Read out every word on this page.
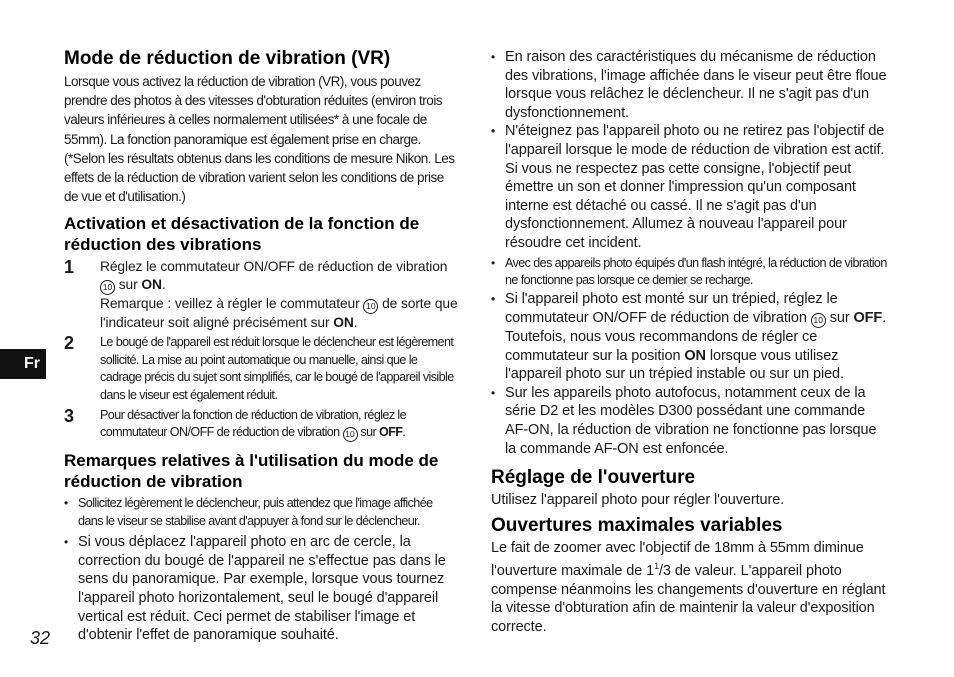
Mode de réduction de vibration (VR)

Lorsque vous activez la réduction de vibration (VR), vous pouvez prendre des photos à des vitesses d'obturation réduites (environ trois valeurs inférieures à celles normalement utilisées* à une focale de 55mm). La fonction panoramique est également prise en charge. (*Selon les résultats obtenus dans les conditions de mesure Nikon. Les effets de la réduction de vibration varient selon les conditions de prise de vue et d'utilisation.)

Activation et désactivation de la fonction de réduction des vibrations
1	Réglez le commutateur ON/OFF de réduction de vibration 10 sur ON.
Remarque : veillez à régler le commutateur 10 de sorte que l'indicateur soit aligné précisément sur ON.
2	Le bougé de l'appareil est réduit lorsque le déclencheur est légèrement sollicité. La mise au point automatique ou manuelle, ainsi que le cadrage précis du sujet sont simplifiés, car le bougé de l'appareil visible dans le viseur est également réduit.
3	Pour désactiver la fonction de réduction de vibration, réglez le commutateur ON/OFF de réduction de vibration 10 sur OFF.
Remarques relatives à l'utilisation du mode de réduction de vibration
• Sollicitez légèrement le déclencheur, puis attendez que l'image affichée dans le viseur se stabilise avant d'appuyer à fond sur le déclencheur.
• Si vous déplacez l'appareil photo en arc de cercle, la correction du bougé de l'appareil ne s'effectue pas dans le sens du panoramique. Par exemple, lorsque vous tournez l'appareil photo horizontalement, seul le bougé d'appareil vertical est réduit. Ceci permet de stabiliser l'image et d'obtenir l'effet de panoramique souhaité.
• En raison des caractéristiques du mécanisme de réduction des vibrations, l'image affichée dans le viseur peut être floue lorsque vous relâchez le déclencheur. Il ne s'agit pas d'un dysfonctionnement.
• N'éteignez pas l'appareil photo ou ne retirez pas l'objectif de l'appareil lorsque le mode de réduction de vibration est actif. Si vous ne respectez pas cette consigne, l'objectif peut émettre un son et donner l'impression qu'un composant interne est détaché ou cassé. Il ne s'agit pas d'un dysfonctionnement. Allumez à nouveau l'appareil pour résoudre cet incident.
• Avec des appareils photo équipés d'un flash intégré, la réduction de vibration ne fonctionne pas lorsque ce dernier se recharge.
• Si l'appareil photo est monté sur un trépied, réglez le commutateur ON/OFF de réduction de vibration 10 sur OFF. Toutefois, nous vous recommandons de régler ce commutateur sur la position ON lorsque vous utilisez l'appareil photo sur un trépied instable ou sur un pied.
• Sur les appareils photo autofocus, notamment ceux de la série D2 et les modèles D300 possédant une commande AF-ON, la réduction de vibration ne fonctionne pas lorsque la commande AF-ON est enfoncée.
Réglage de l'ouverture

Utilisez l'appareil photo pour régler l'ouverture.

Ouvertures maximales variables

Le fait de zoomer avec l'objectif de 18mm à 55mm diminue l'ouverture maximale de $1^1/3$ de valeur. L'appareil photo compense néanmoins les changements d'ouverture en réglant la vitesse d'obturation afin de maintenir la valeur d'exposition correcte.

Fr
32
